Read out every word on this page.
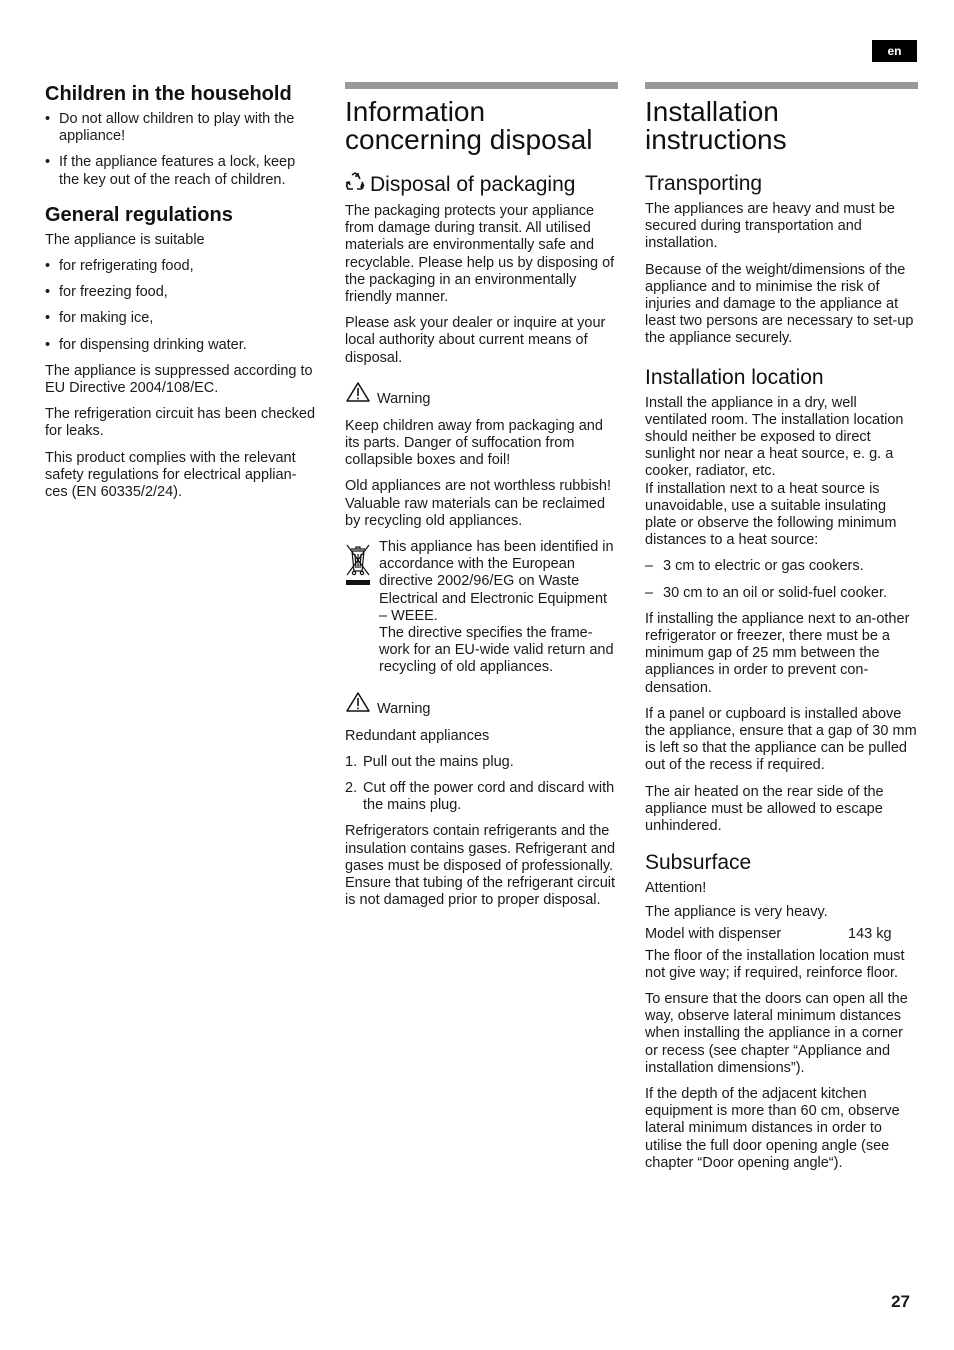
en
Children in the household
• Do not allow children to play with the appliance!
• If the appliance features a lock, keep the key out of the reach of children.
General regulations

The appliance is suitable

• for refrigerating food,
• for freezing food,
• for making ice,
• for dispensing drinking water.

The appliance is suppressed according to EU Directive 2004/108/EC.

The refrigeration circuit has been checked for leaks.

This product complies with the relevant safety regulations for electrical applian-ces (EN 60335/2/24).

Information concerning disposal
Disposal of packaging

The packaging protects your appliance from damage during transit. All utilised materials are environmentally safe and recyclable. Please help us by disposing of the packaging in an environmentally friendly manner.

Please ask your dealer or inquire at your local authority about current means of disposal.

Warning

Keep children away from packaging and its parts. Danger of suffocation from collapsible boxes and foil!

Old appliances are not worthless rubbish! Valuable raw materials can be reclaimed by recycling old appliances.

This appliance has been identified in accordance with the European directive 2002/96/EG on Waste Electrical and Electronic Equipment – WEEE.

The directive specifies the frame-work for an EU-wide valid return and recycling of old appliances.

Warning

Redundant appliances

1. Pull out the mains plug.
2. Cut off the power cord and discard with the mains plug.

Refrigerators contain refrigerants and the insulation contains gases. Refrigerant and gases must be disposed of professionally. Ensure that tubing of the refrigerant circuit is not damaged prior to proper disposal.

Installation instructions
Transporting

The appliances are heavy and must be secured during transportation and installation.

Because of the weight/dimensions of the appliance and to minimise the risk of injuries and damage to the appliance at least two persons are necessary to set-up the appliance securely.

Installation location

Install the appliance in a dry, well ventilated room. The installation location should neither be exposed to direct sunlight nor near a heat source, e. g. a cooker, radiator, etc.

If installation next to a heat source is unavoidable, use a suitable insulating plate or observe the following minimum distances to a heat source:

– 3 cm to electric or gas cookers.
– 30 cm to an oil or solid-fuel cooker.

If installing the appliance next to an-other refrigerator or freezer, there must be a minimum gap of 25 mm between the appliances in order to prevent con-densation.

If a panel or cupboard is installed above the appliance, ensure that a gap of 30 mm is left so that the appliance can be pulled out of the recess if required.

The air heated on the rear side of the appliance must be allowed to escape unhindered.

Subsurface
Attention!

The appliance is very heavy.

Model with dispenser	143 kg

The floor of the installation location must not give way; if required, reinforce floor.

To ensure that the doors can open all the way, observe lateral minimum distances when installing the appliance in a corner or recess (see chapter “Appliance and installation dimensions”).

If the depth of the adjacent kitchen equipment is more than 60 cm, observe lateral minimum distances in order to utilise the full door opening angle (see chapter “Door opening angle“).

27
